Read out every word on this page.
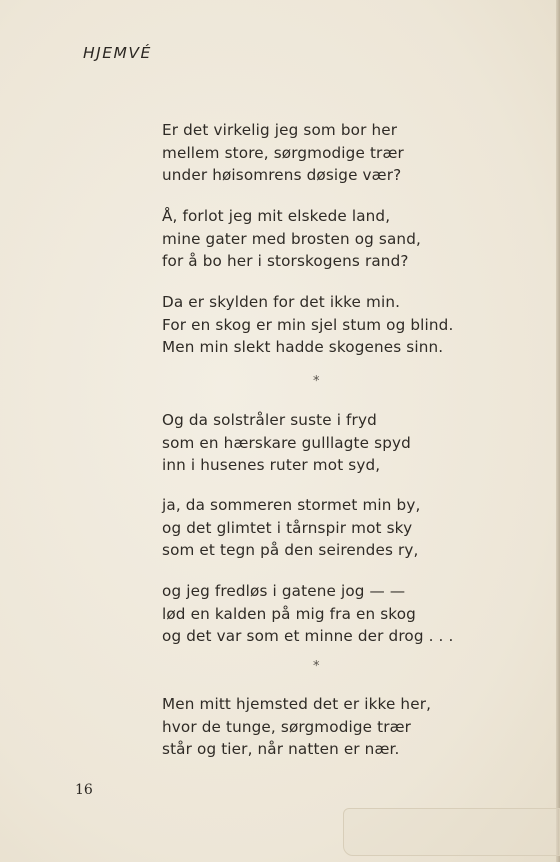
HJEMVÉ
Er det virkelig jeg som bor her
mellem store, sørgmodige trær
under høisomrens døsige vær?
Å, forlot jeg mit elskede land,
mine gater med brosten og sand,
for å bo her i storskogens rand?
Da er skylden for det ikke min.
For en skog er min sjel stum og blind.
Men min slekt hadde skogenes sinn.
*
Og da solstråler suste i fryd
som en hærskare gulllagte spyd
inn i husenes ruter mot syd,
ja, da sommeren stormet min by,
og det glimtet i tårnspir mot sky
som et tegn på den seirendes ry,
og jeg fredløs i gatene jog — —
lød en kalden på mig fra en skog
og det var som et minne der drog . . .
*
Men mitt hjemsted det er ikke her,
hvor de tunge, sørgmodige trær
står og tier, når natten er nær.
16
